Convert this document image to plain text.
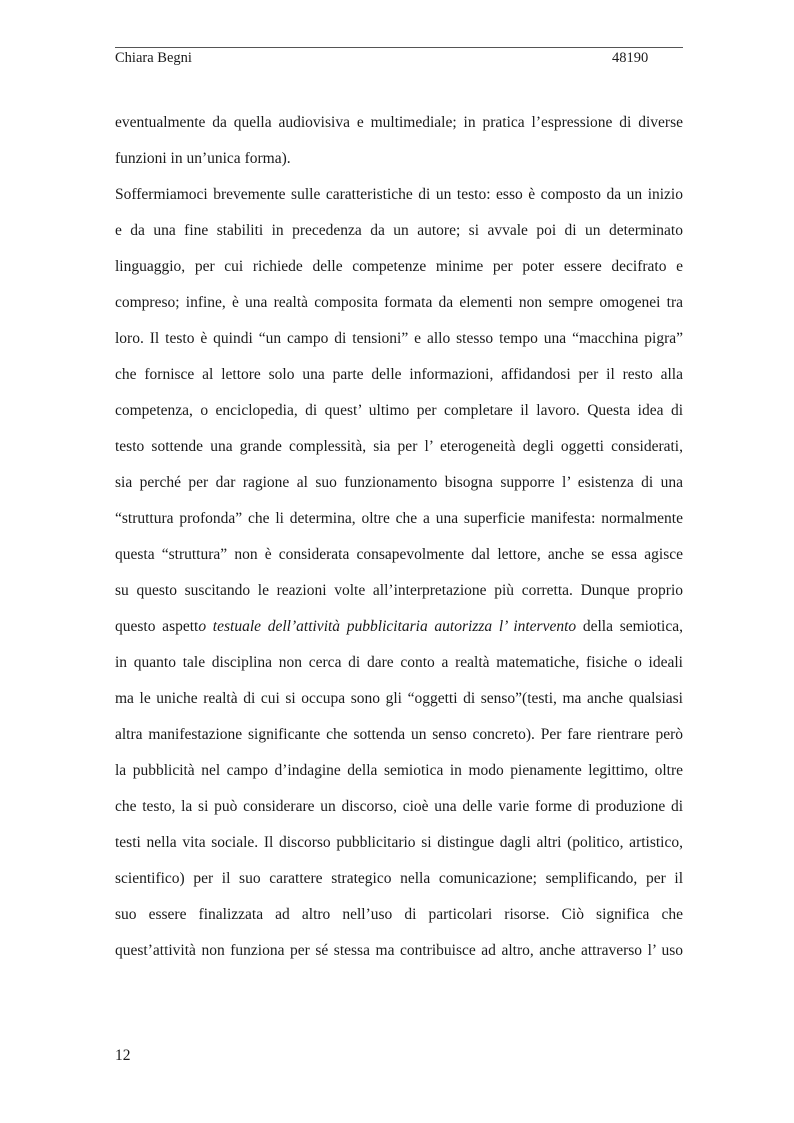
Chiara Begni	48190
eventualmente da quella audiovisiva e multimediale; in pratica l’espressione di diverse
funzioni in un’unica forma).
Soffermiamoci brevemente sulle caratteristiche di un testo: esso è composto da un inizio
e da una fine stabiliti in precedenza da un autore; si avvale poi di un determinato
linguaggio, per cui richiede delle competenze minime per poter essere decifrato e
compreso; infine, è una realtà composita formata da elementi non sempre omogenei tra
loro. Il testo è quindi “un campo di tensioni” e allo stesso tempo una “macchina pigra”
che fornisce al lettore solo una parte delle informazioni, affidandosi per il resto alla
competenza, o enciclopedia, di quest’ ultimo per completare il lavoro. Questa idea di
testo sottende una grande complessità, sia per l’ eterogeneità degli oggetti considerati,
sia perché per dar ragione al suo funzionamento bisogna supporre l’ esistenza di una
“struttura profonda” che li determina, oltre che a una superficie manifesta: normalmente
questa “struttura” non è considerata consapevolmente dal lettore, anche se essa agisce
su questo suscitando le reazioni volte all’interpretazione più corretta. Dunque proprio
questo aspetto testuale dell’attività pubblicitaria autorizza l’ intervento della semiotica,
in quanto tale disciplina non cerca di dare conto a realtà matematiche, fisiche o ideali
ma le uniche realtà di cui si occupa sono gli “oggetti di senso”(testi, ma anche qualsiasi
altra manifestazione significante che sottenda un senso concreto). Per fare rientrare però
la pubblicità nel campo d’indagine della semiotica in modo pienamente legittimo, oltre
che testo, la si può considerare un discorso, cioè una delle varie forme di produzione di
testi nella vita sociale. Il discorso pubblicitario si distingue dagli altri (politico, artistico,
scientifico) per il suo carattere strategico nella comunicazione; semplificando, per il
suo essere finalizzata ad altro nell’uso di particolari risorse. Ciò significa che
quest’attività non funziona per sé stessa ma contribuisce ad altro, anche attraverso l’ uso
12
